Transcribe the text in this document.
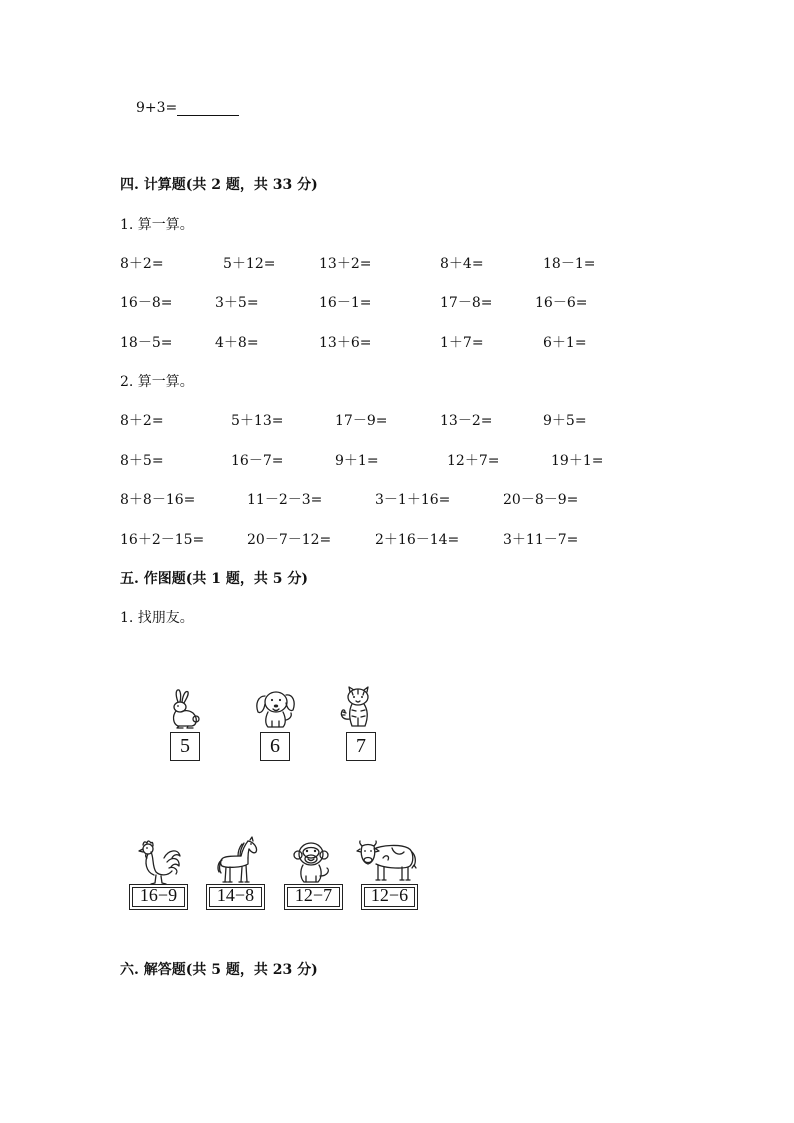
9+3=
四. 计算题(共 2 题，共 33 分)
1. 算一算。
8＋2=	5＋12=	13＋2=	8＋4=	18－1=
16－8=	3＋5=	16－1=	17－8=	16－6=
18－5=	4＋8=	13＋6=	1＋7=	6＋1=
2. 算一算。
8＋2=	5＋13=	17－9=	13－2=	9＋5=
8＋5=	16－7=	9＋1=	12＋7=	19＋1=
8＋8－16=	11－2－3=	3－1＋16=	20－8－9=
16＋2－15=	20－7－12=	2＋16－14=	3＋11－7=
五. 作图题(共 1 题，共 5 分)
1. 找朋友。
5	6	7
16−9	14−8	12−7	12−6
六. 解答题(共 5 题，共 23 分)
